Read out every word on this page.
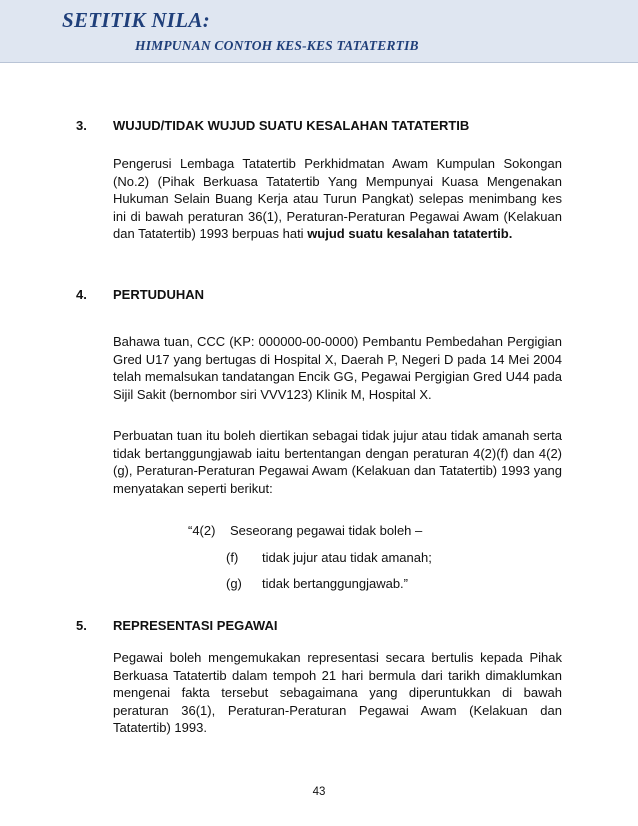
SETITIK NILA:
HIMPUNAN CONTOH KES-KES TATATERTIB
3. WUJUD/TIDAK WUJUD SUATU KESALAHAN TATATERTIB

Pengerusi Lembaga Tatatertib Perkhidmatan Awam Kumpulan Sokongan (No.2) (Pihak Berkuasa Tatatertib Yang Mempunyai Kuasa Mengenakan Hukuman Selain Buang Kerja atau Turun Pangkat) selepas menimbang kes ini di bawah peraturan 36(1), Peraturan-Peraturan Pegawai Awam (Kelakuan dan Tatatertib) 1993 berpuas hati wujud suatu kesalahan tatatertib.

4. PERTUDUHAN

Bahawa tuan, CCC (KP: 000000-00-0000) Pembantu Pembedahan Pergigian Gred U17 yang bertugas di Hospital X, Daerah P, Negeri D pada 14 Mei 2004 telah memalsukan tandatangan Encik GG, Pegawai Pergigian Gred U44 pada Sijil Sakit (bernombor siri VVV123) Klinik M, Hospital X.

Perbuatan tuan itu boleh diertikan sebagai tidak jujur atau tidak amanah serta tidak bertanggungjawab iaitu bertentangan dengan peraturan 4(2)(f) dan 4(2)(g), Peraturan-Peraturan Pegawai Awam (Kelakuan dan Tatatertib) 1993 yang menyatakan seperti berikut:

“4(2) Seseorang pegawai tidak boleh –
(f) tidak jujur atau tidak amanah;
(g) tidak bertanggungjawab.”
5. REPRESENTASI PEGAWAI

Pegawai boleh mengemukakan representasi secara bertulis kepada Pihak Berkuasa Tatatertib dalam tempoh 21 hari bermula dari tarikh dimaklumkan mengenai fakta tersebut sebagaimana yang diperuntukkan di bawah peraturan 36(1), Peraturan-Peraturan Pegawai Awam (Kelakuan dan Tatatertib) 1993.

43
